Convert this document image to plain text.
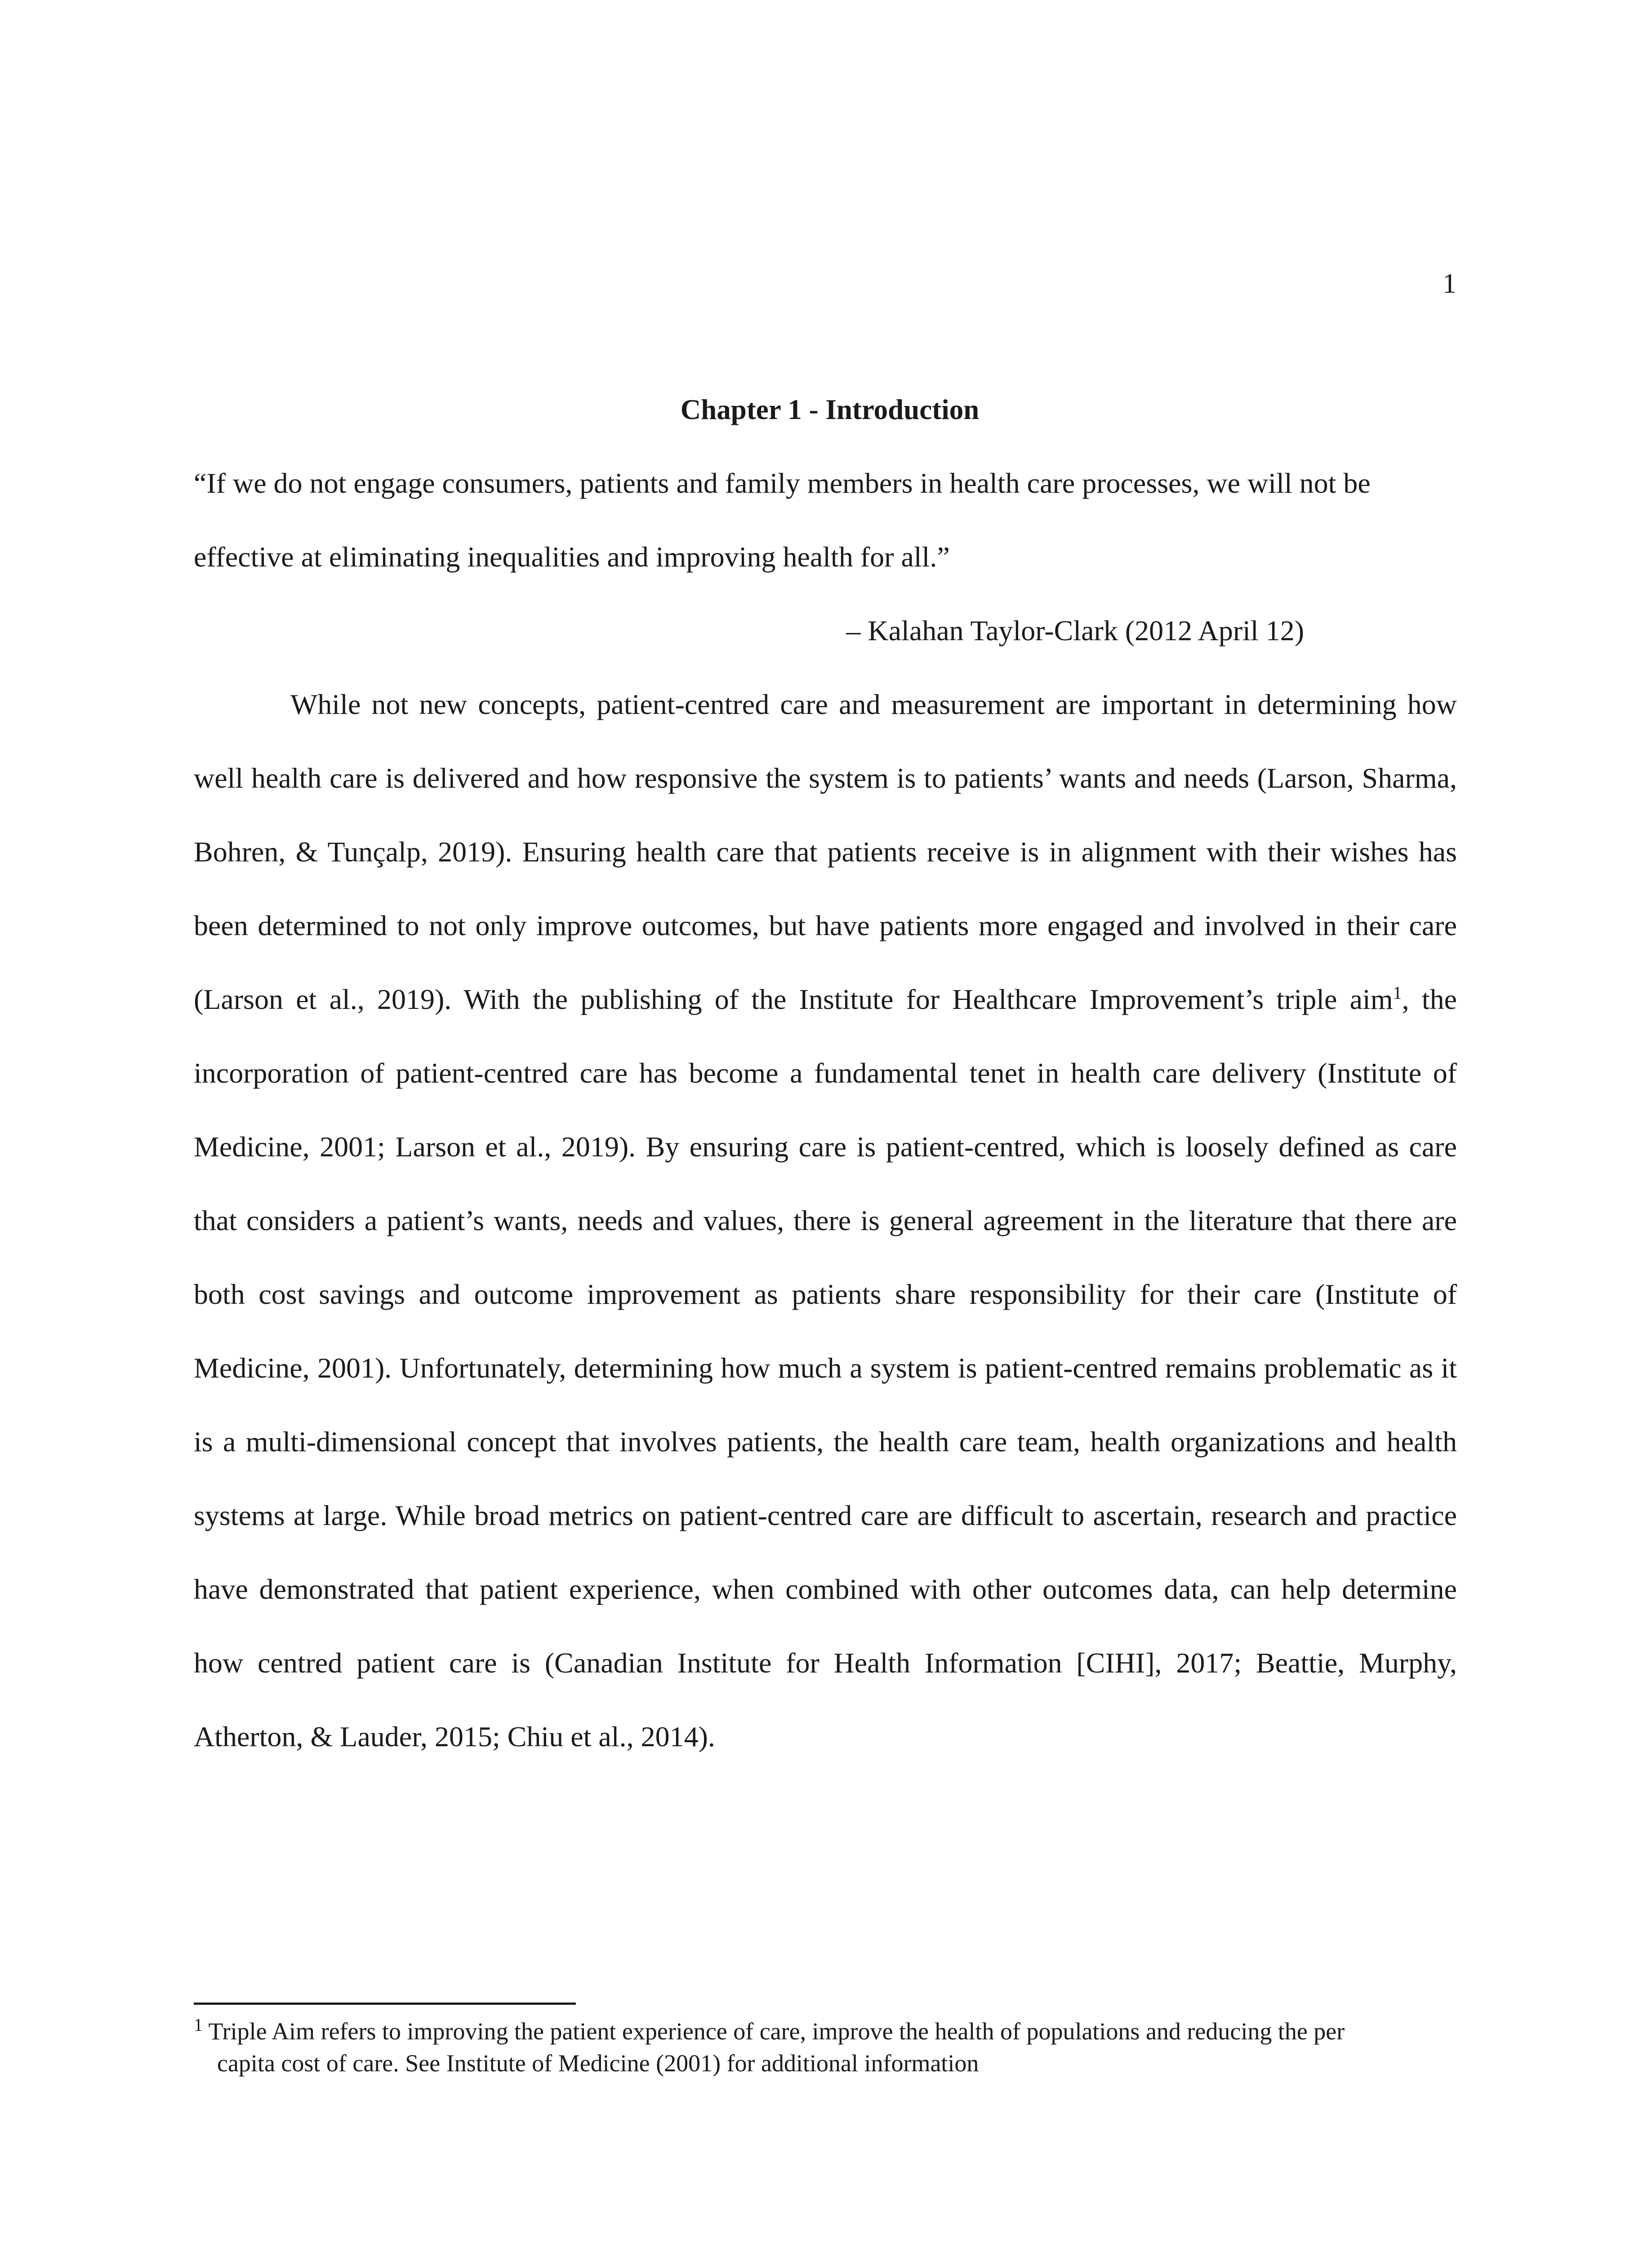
1
Chapter 1 - Introduction

“If we do not engage consumers, patients and family members in health care processes, we will not be effective at eliminating inequalities and improving health for all.”

– Kalahan Taylor-Clark (2012 April 12)

While not new concepts, patient-centred care and measurement are important in determining how well health care is delivered and how responsive the system is to patients’ wants and needs (Larson, Sharma, Bohren, & Tunçalp, 2019). Ensuring health care that patients receive is in alignment with their wishes has been determined to not only improve outcomes, but have patients more engaged and involved in their care (Larson et al., 2019). With the publishing of the Institute for Healthcare Improvement’s triple aim$^1$, the incorporation of patient-centred care has become a fundamental tenet in health care delivery (Institute of Medicine, 2001; Larson et al., 2019). By ensuring care is patient-centred, which is loosely defined as care that considers a patient’s wants, needs and values, there is general agreement in the literature that there are both cost savings and outcome improvement as patients share responsibility for their care (Institute of Medicine, 2001). Unfortunately, determining how much a system is patient-centred remains problematic as it is a multi-dimensional concept that involves patients, the health care team, health organizations and health systems at large. While broad metrics on patient-centred care are difficult to ascertain, research and practice have demonstrated that patient experience, when combined with other outcomes data, can help determine how centred patient care is (Canadian Institute for Health Information [CIHI], 2017; Beattie, Murphy, Atherton, & Lauder, 2015; Chiu et al., 2014).

$^1$ Triple Aim refers to improving the patient experience of care, improve the health of populations and reducing the per
capita cost of care. See Institute of Medicine (2001) for additional information
